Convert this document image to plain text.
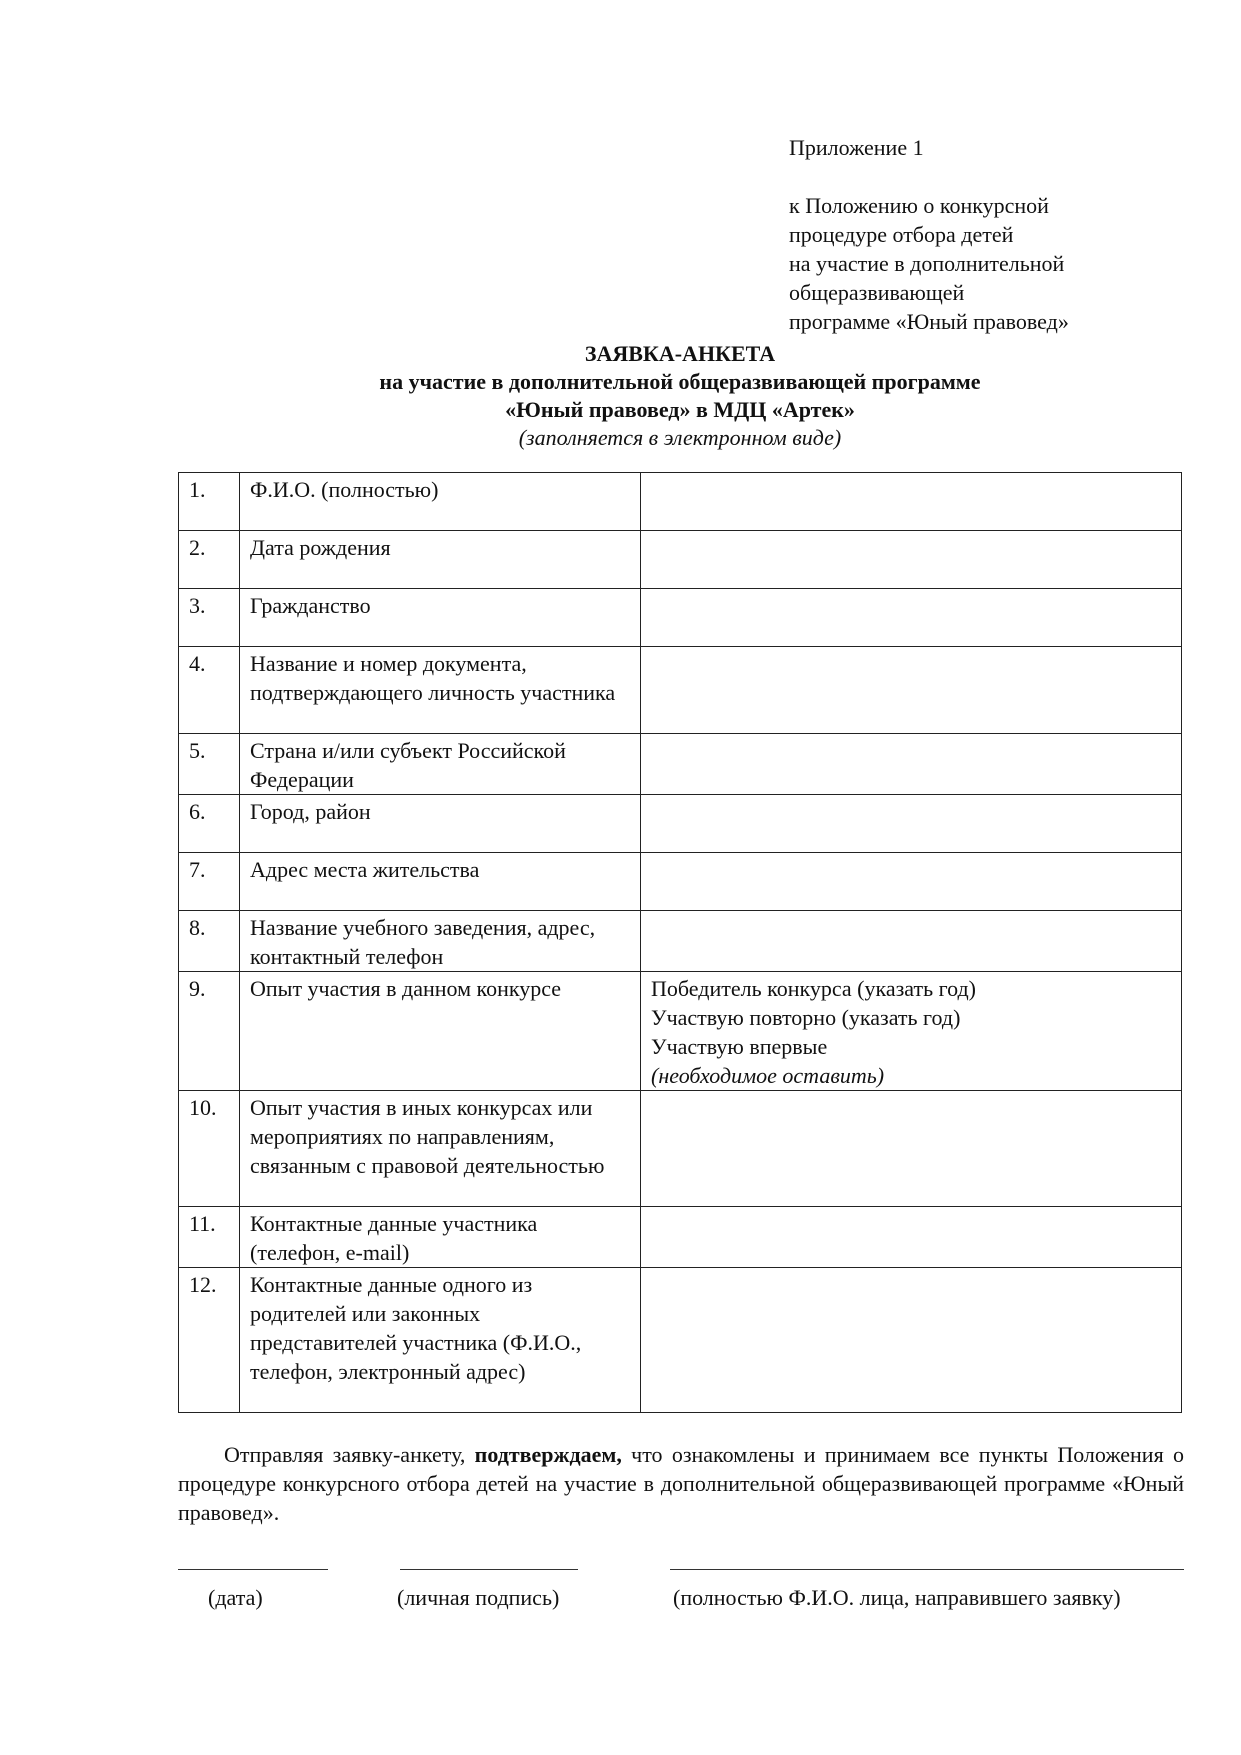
Приложение 1
к Положению о конкурсной
процедуре отбора детей
на участие в дополнительной
общеразвивающей
программе «Юный правовед»
ЗАЯВКА-АНКЕТА
на участие в дополнительной общеразвивающей программе
«Юный правовед» в МДЦ «Артек»
(заполняется в электронном виде)
1.	Ф.И.О. (полностью)	
2.	Дата рождения	
3.	Гражданство	
4.	Название и номер документа, подтверждающего личность участника	
5.	Страна и/или субъект Российской Федерации	
6.	Город, район	
7.	Адрес места жительства	
8.	Название учебного заведения, адрес, контактный телефон	
9.	Опыт участия в данном конкурсе	Победитель конкурса (указать год)
Участвую повторно (указать год)
Участвую впервые
(необходимое оставить)

10.	Опыт участия в иных конкурсах или мероприятиях по направлениям, связанным с правовой деятельностью	
11.	Контактные данные участника (телефон, e-mail)	
12.	Контактные данные одного из родителей или законных представителей участника (Ф.И.О., телефон, электронный адрес)	

Отправляя заявку-анкету, подтверждаем, что ознакомлены и принимаем все пункты Положения о процедуре конкурсного отбора детей на участие в дополнительной общеразвивающей программе «Юный правовед».

(дата)	(личная подпись)	(полностью Ф.И.О. лица, направившего заявку)
